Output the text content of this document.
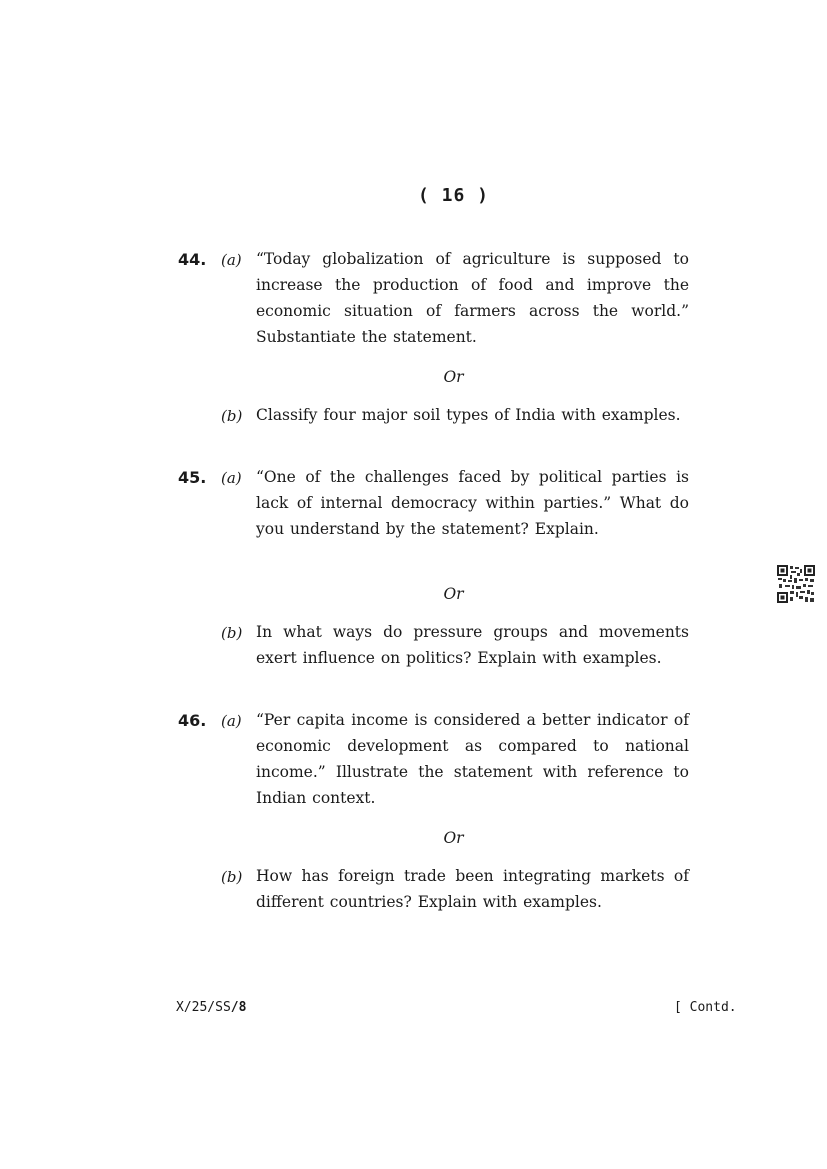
( 16 )
44. (a) “Today globalization of agriculture is supposed to increase the production of food and improve the economic situation of farmers across the world.” Substantiate the statement.
Or
(b) Classify four major soil types of India with examples.
45. (a) “One of the challenges faced by political parties is lack of internal democracy within parties.” What do you understand by the statement? Explain.
Or
(b) In what ways do pressure groups and movements exert influence on politics? Explain with examples.
46. (a) “Per capita income is considered a better indicator of economic development as compared to national income.” Illustrate the statement with reference to Indian context.
Or
(b) How has foreign trade been integrating markets of different countries? Explain with examples.
X/25/SS/8	[ Contd.
